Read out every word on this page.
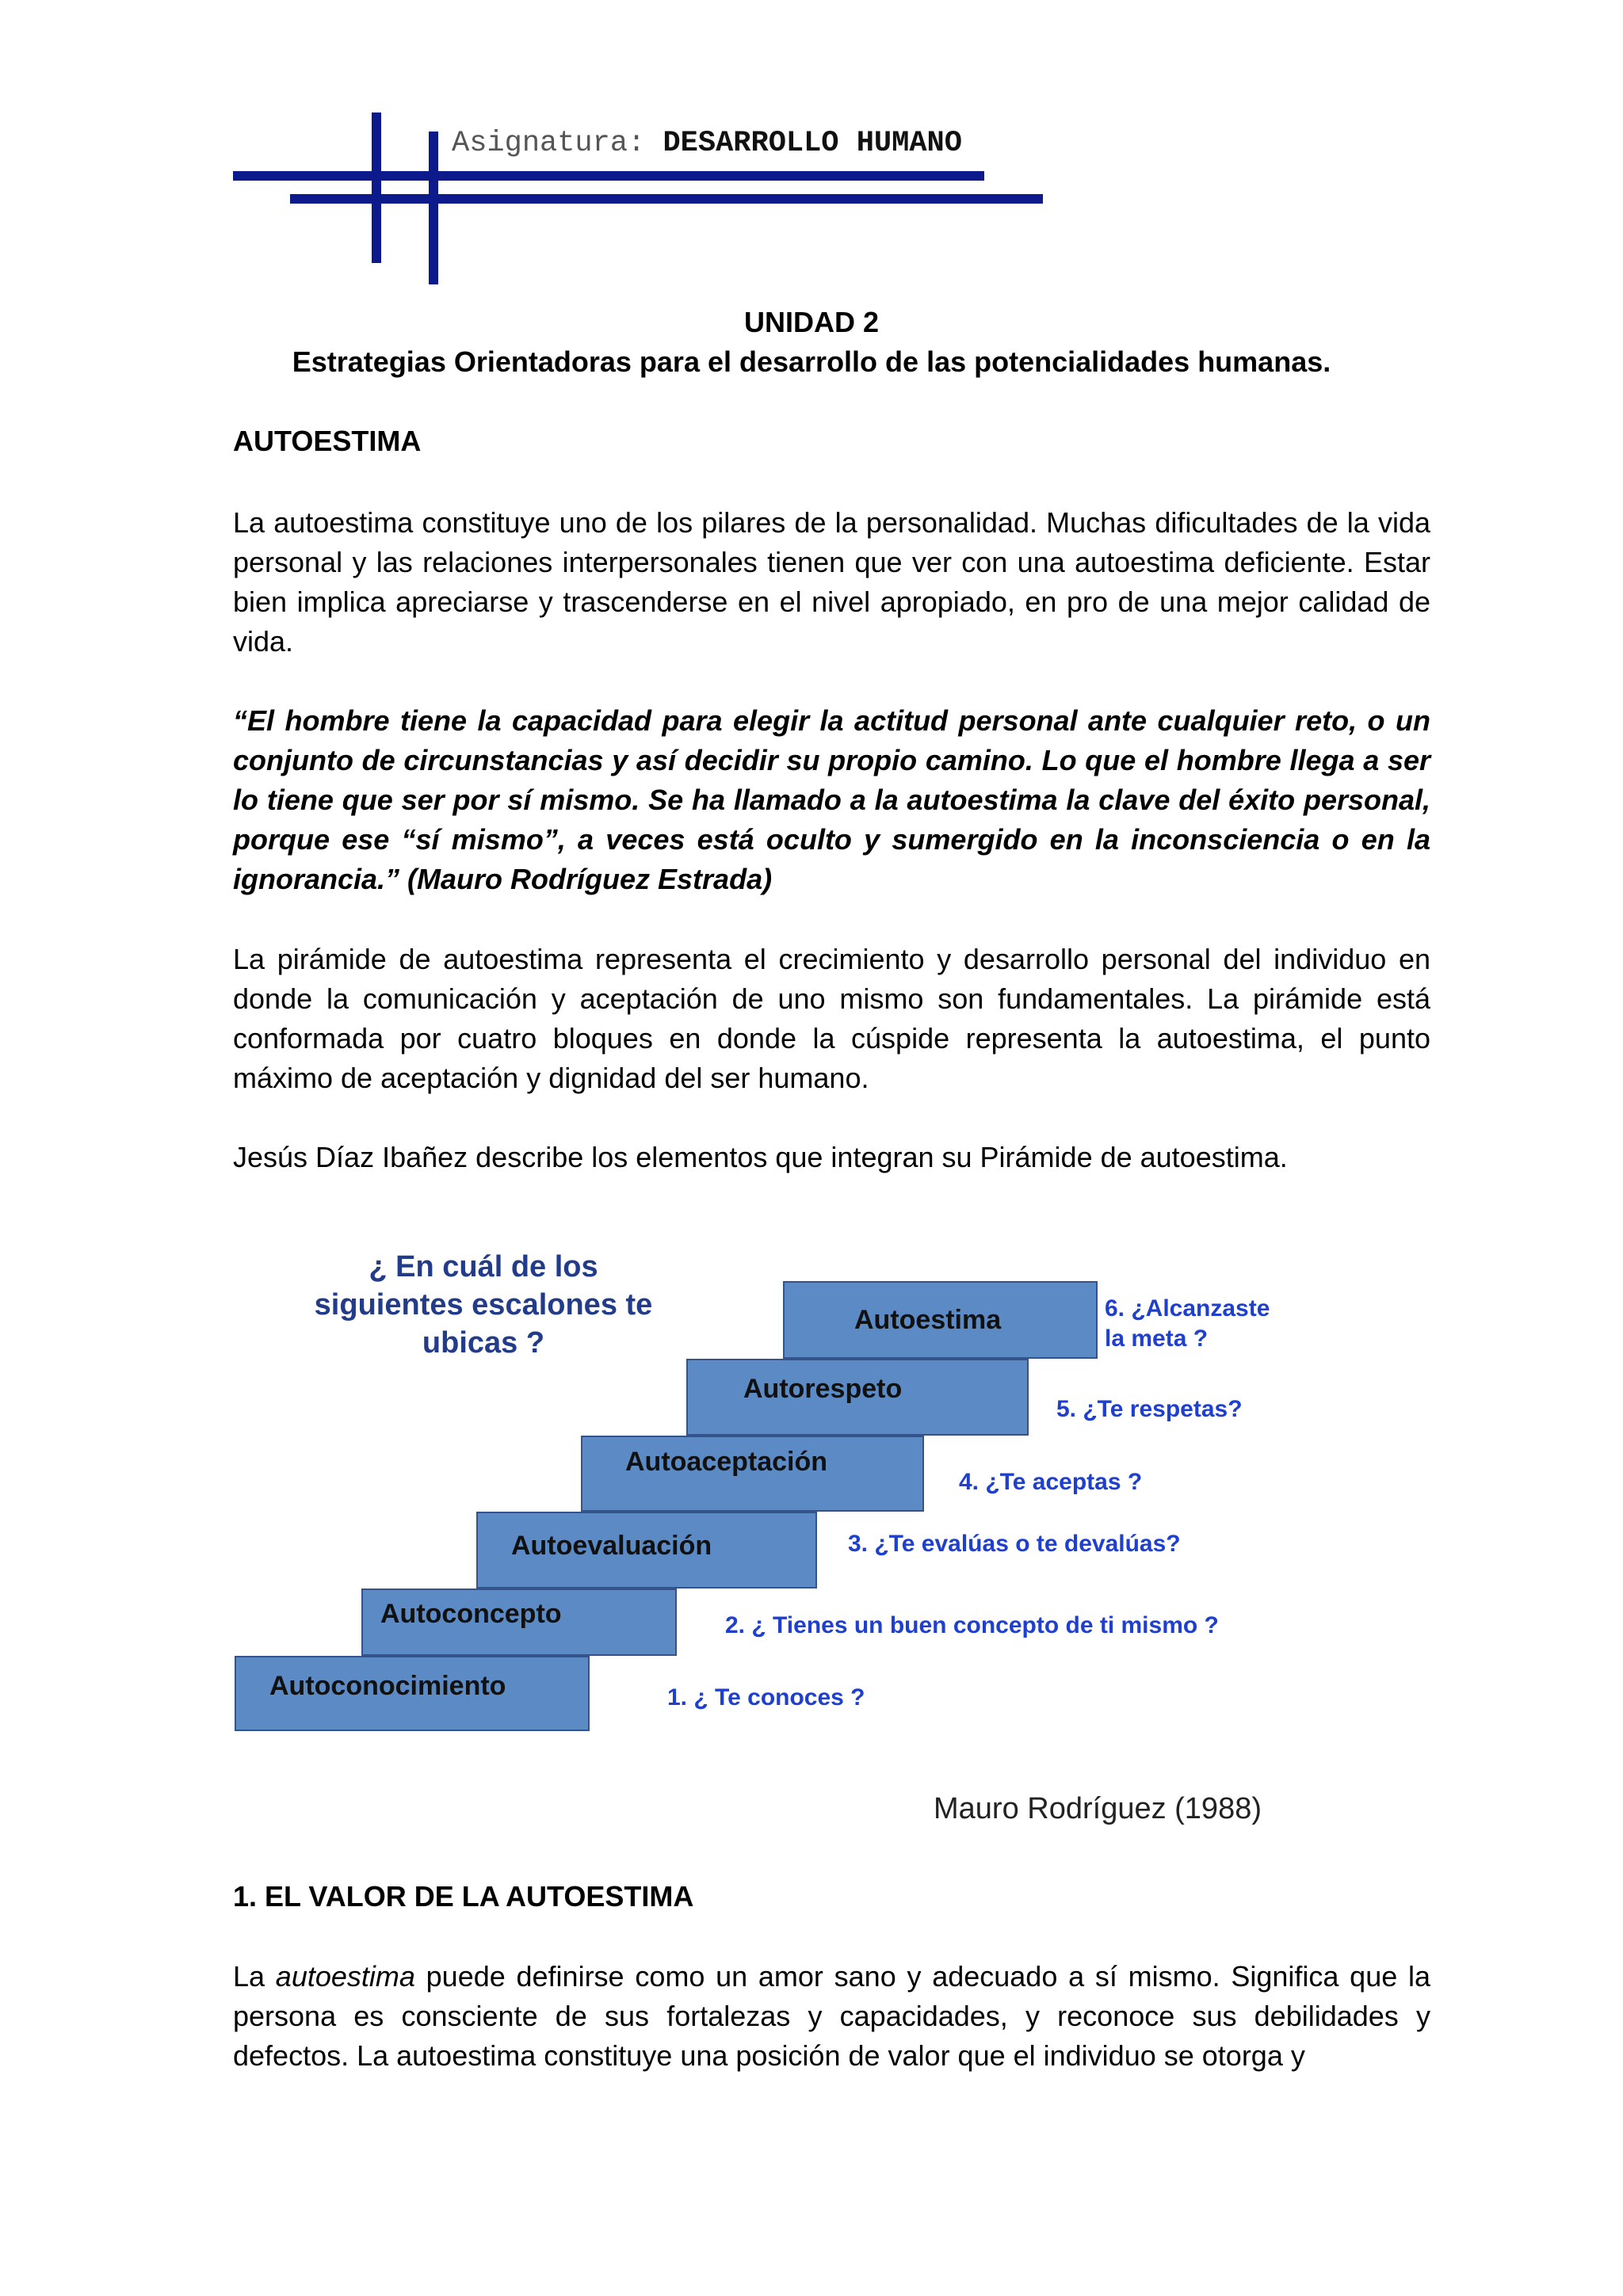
Asignatura: DESARROLLO HUMANO
UNIDAD 2
Estrategias Orientadoras para el desarrollo de las potencialidades humanas.
AUTOESTIMA
La autoestima constituye uno de los pilares de la personalidad. Muchas dificultades de la vida personal y las relaciones interpersonales tienen que ver con una autoestima deficiente. Estar bien implica apreciarse y trascenderse en el nivel apropiado, en pro de una mejor calidad de vida.
“El hombre tiene la capacidad para elegir la actitud personal ante cualquier reto, o un conjunto de circunstancias y así decidir su propio camino. Lo que el hombre llega a ser lo tiene que ser por sí mismo. Se ha llamado a la autoestima la clave del éxito personal, porque ese “sí mismo”, a veces está oculto y sumergido en la inconsciencia o en la ignorancia.” (Mauro Rodríguez Estrada)
La pirámide de autoestima representa el crecimiento y desarrollo personal del individuo en donde la comunicación y aceptación de uno mismo son fundamentales. La pirámide está conformada por cuatro bloques en donde la cúspide representa la autoestima, el punto máximo de aceptación y dignidad del ser humano.
Jesús Díaz Ibañez describe los elementos que integran su Pirámide de autoestima.
¿ En cuál de los siguientes escalones te ubicas ?
Autoconocimiento
Autoconcepto
Autoevaluación
Autoaceptación
Autorespeto
Autoestima
1. ¿ Te conoces ?
2. ¿ Tienes un buen concepto de ti mismo ?
3. ¿Te evalúas o te devalúas?
4. ¿Te aceptas ?
5. ¿Te respetas?
6. ¿Alcanzaste la meta ?
Mauro Rodríguez (1988)
1. EL VALOR DE LA AUTOESTIMA
La autoestima puede definirse como un amor sano y adecuado a sí mismo. Significa que la persona es consciente de sus fortalezas y capacidades, y reconoce sus debilidades y defectos. La autoestima constituye una posición de valor que el individuo se otorga y
